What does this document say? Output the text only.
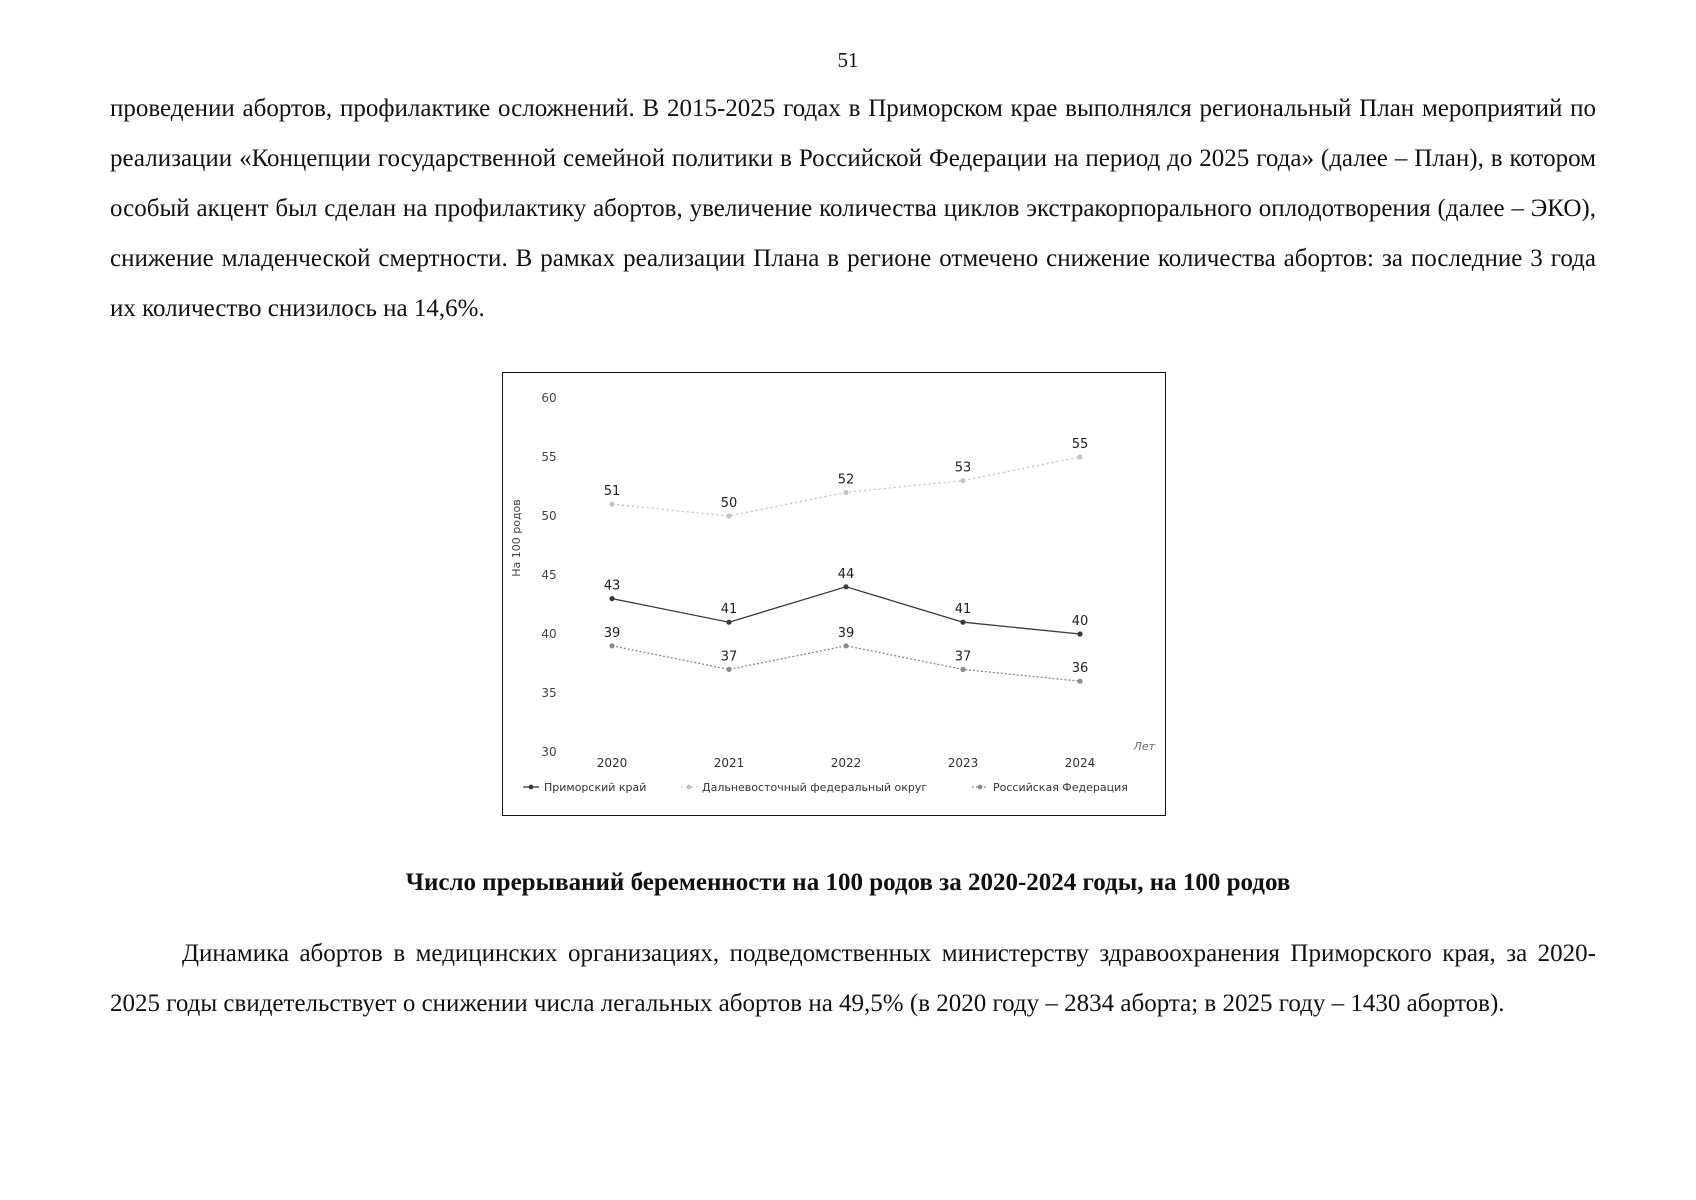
51

проведении абортов, профилактике осложнений. В 2015-2025 годах в Приморском крае выполнялся региональный План мероприятий по реализации «Концепции государственной семейной политики в Российской Федерации на период до 2025 года» (далее – План), в котором особый акцент был сделан на профилактику абортов, увеличение количества циклов экстракорпорального оплодотворения (далее – ЭКО), снижение младенческой смертности. В рамках реализации Плана в регионе отмечено снижение количества абортов: за последние 3 года их количество снизилось на 14,6%.

30
35
40
45
50
55
60
На 100 родов
2020	2021	2022	2023	2024
Лет
43
41
44
41
40
51
50
52
53
55
39
37
39
37
36
Приморский край	Дальневосточный федеральный округ	Российская Федерация
Число прерываний беременности на 100 родов за 2020-2024 годы, на 100 родов

Динамика абортов в медицинских организациях, подведомственных министерству здравоохранения Приморского края, за 2020-2025 годы свидетельствует о снижении числа легальных абортов на 49,5% (в 2020 году – 2834 аборта; в 2025 году – 1430 абортов).
